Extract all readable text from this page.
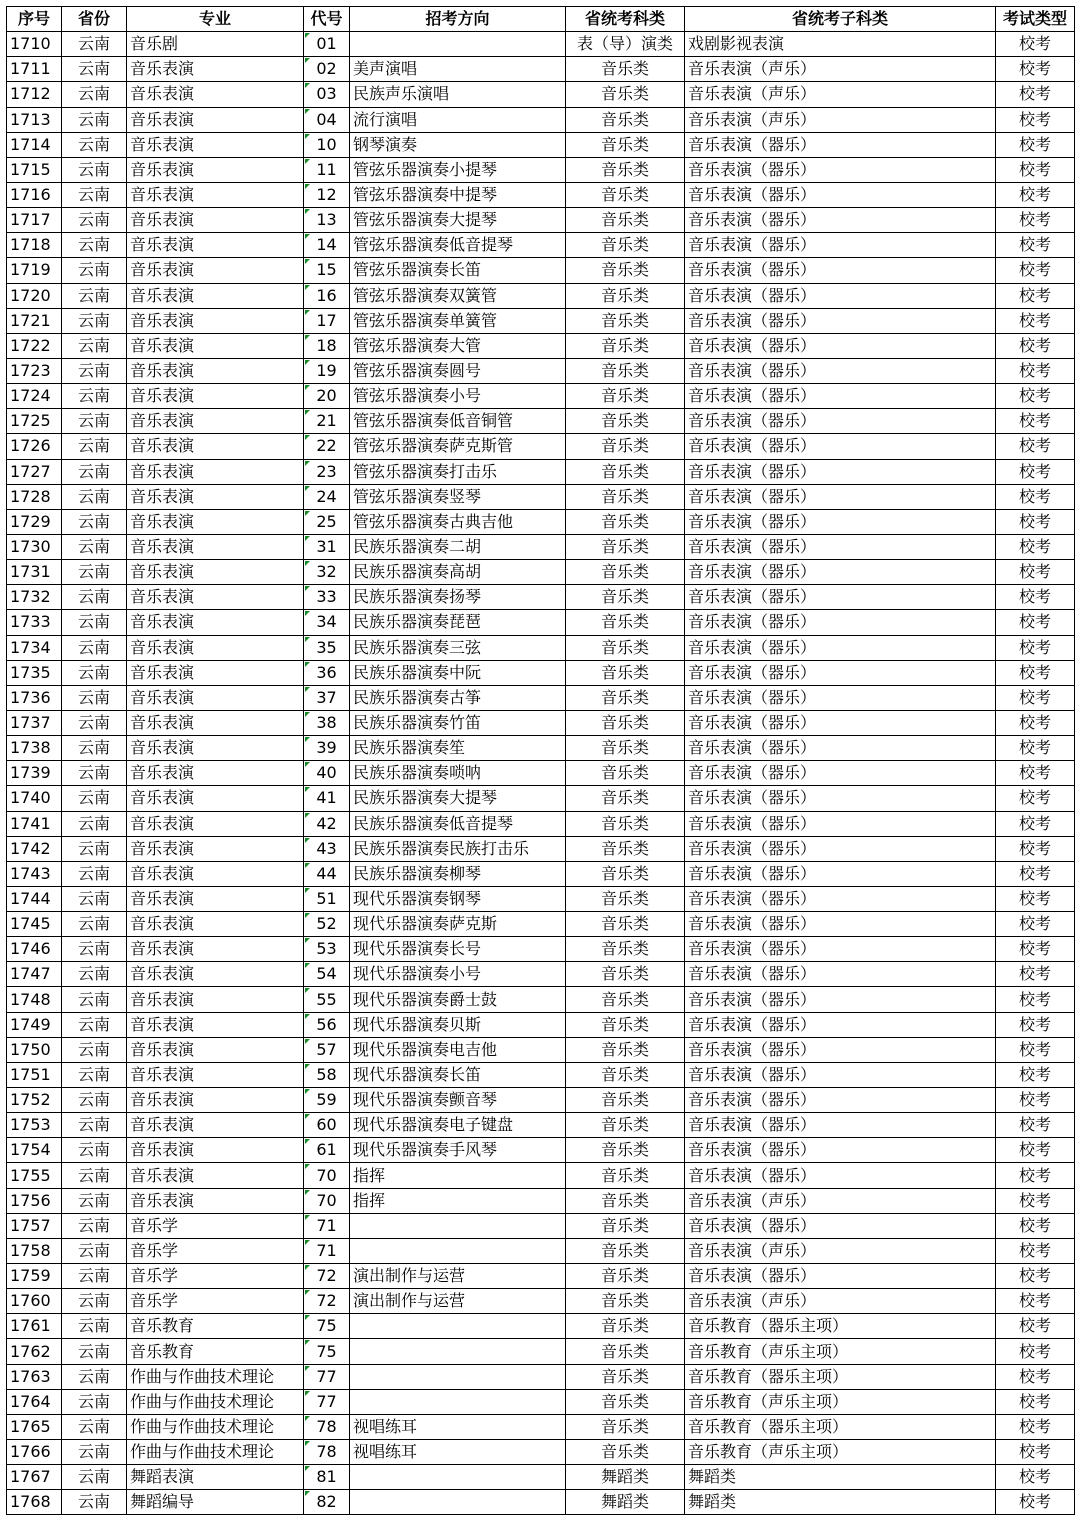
序号	省份	专业	代号	招考方向	省统考科类	省统考子科类	考试类型
1710	云南	音乐剧	01		表（导）演类	戏剧影视表演	校考
1711	云南	音乐表演	02	美声演唱	音乐类	音乐表演（声乐）	校考
1712	云南	音乐表演	03	民族声乐演唱	音乐类	音乐表演（声乐）	校考
1713	云南	音乐表演	04	流行演唱	音乐类	音乐表演（声乐）	校考
1714	云南	音乐表演	10	钢琴演奏	音乐类	音乐表演（器乐）	校考
1715	云南	音乐表演	11	管弦乐器演奏小提琴	音乐类	音乐表演（器乐）	校考
1716	云南	音乐表演	12	管弦乐器演奏中提琴	音乐类	音乐表演（器乐）	校考
1717	云南	音乐表演	13	管弦乐器演奏大提琴	音乐类	音乐表演（器乐）	校考
1718	云南	音乐表演	14	管弦乐器演奏低音提琴	音乐类	音乐表演（器乐）	校考
1719	云南	音乐表演	15	管弦乐器演奏长笛	音乐类	音乐表演（器乐）	校考
1720	云南	音乐表演	16	管弦乐器演奏双簧管	音乐类	音乐表演（器乐）	校考
1721	云南	音乐表演	17	管弦乐器演奏单簧管	音乐类	音乐表演（器乐）	校考
1722	云南	音乐表演	18	管弦乐器演奏大管	音乐类	音乐表演（器乐）	校考
1723	云南	音乐表演	19	管弦乐器演奏圆号	音乐类	音乐表演（器乐）	校考
1724	云南	音乐表演	20	管弦乐器演奏小号	音乐类	音乐表演（器乐）	校考
1725	云南	音乐表演	21	管弦乐器演奏低音铜管	音乐类	音乐表演（器乐）	校考
1726	云南	音乐表演	22	管弦乐器演奏萨克斯管	音乐类	音乐表演（器乐）	校考
1727	云南	音乐表演	23	管弦乐器演奏打击乐	音乐类	音乐表演（器乐）	校考
1728	云南	音乐表演	24	管弦乐器演奏竖琴	音乐类	音乐表演（器乐）	校考
1729	云南	音乐表演	25	管弦乐器演奏古典吉他	音乐类	音乐表演（器乐）	校考
1730	云南	音乐表演	31	民族乐器演奏二胡	音乐类	音乐表演（器乐）	校考
1731	云南	音乐表演	32	民族乐器演奏高胡	音乐类	音乐表演（器乐）	校考
1732	云南	音乐表演	33	民族乐器演奏扬琴	音乐类	音乐表演（器乐）	校考
1733	云南	音乐表演	34	民族乐器演奏琵琶	音乐类	音乐表演（器乐）	校考
1734	云南	音乐表演	35	民族乐器演奏三弦	音乐类	音乐表演（器乐）	校考
1735	云南	音乐表演	36	民族乐器演奏中阮	音乐类	音乐表演（器乐）	校考
1736	云南	音乐表演	37	民族乐器演奏古筝	音乐类	音乐表演（器乐）	校考
1737	云南	音乐表演	38	民族乐器演奏竹笛	音乐类	音乐表演（器乐）	校考
1738	云南	音乐表演	39	民族乐器演奏笙	音乐类	音乐表演（器乐）	校考
1739	云南	音乐表演	40	民族乐器演奏唢呐	音乐类	音乐表演（器乐）	校考
1740	云南	音乐表演	41	民族乐器演奏大提琴	音乐类	音乐表演（器乐）	校考
1741	云南	音乐表演	42	民族乐器演奏低音提琴	音乐类	音乐表演（器乐）	校考
1742	云南	音乐表演	43	民族乐器演奏民族打击乐	音乐类	音乐表演（器乐）	校考
1743	云南	音乐表演	44	民族乐器演奏柳琴	音乐类	音乐表演（器乐）	校考
1744	云南	音乐表演	51	现代乐器演奏钢琴	音乐类	音乐表演（器乐）	校考
1745	云南	音乐表演	52	现代乐器演奏萨克斯	音乐类	音乐表演（器乐）	校考
1746	云南	音乐表演	53	现代乐器演奏长号	音乐类	音乐表演（器乐）	校考
1747	云南	音乐表演	54	现代乐器演奏小号	音乐类	音乐表演（器乐）	校考
1748	云南	音乐表演	55	现代乐器演奏爵士鼓	音乐类	音乐表演（器乐）	校考
1749	云南	音乐表演	56	现代乐器演奏贝斯	音乐类	音乐表演（器乐）	校考
1750	云南	音乐表演	57	现代乐器演奏电吉他	音乐类	音乐表演（器乐）	校考
1751	云南	音乐表演	58	现代乐器演奏长笛	音乐类	音乐表演（器乐）	校考
1752	云南	音乐表演	59	现代乐器演奏颤音琴	音乐类	音乐表演（器乐）	校考
1753	云南	音乐表演	60	现代乐器演奏电子键盘	音乐类	音乐表演（器乐）	校考
1754	云南	音乐表演	61	现代乐器演奏手风琴	音乐类	音乐表演（器乐）	校考
1755	云南	音乐表演	70	指挥	音乐类	音乐表演（器乐）	校考
1756	云南	音乐表演	70	指挥	音乐类	音乐表演（声乐）	校考
1757	云南	音乐学	71		音乐类	音乐表演（器乐）	校考
1758	云南	音乐学	71		音乐类	音乐表演（声乐）	校考
1759	云南	音乐学	72	演出制作与运营	音乐类	音乐表演（器乐）	校考
1760	云南	音乐学	72	演出制作与运营	音乐类	音乐表演（声乐）	校考
1761	云南	音乐教育	75		音乐类	音乐教育（器乐主项）	校考
1762	云南	音乐教育	75		音乐类	音乐教育（声乐主项）	校考
1763	云南	作曲与作曲技术理论	77		音乐类	音乐教育（器乐主项）	校考
1764	云南	作曲与作曲技术理论	77		音乐类	音乐教育（声乐主项）	校考
1765	云南	作曲与作曲技术理论	78	视唱练耳	音乐类	音乐教育（器乐主项）	校考
1766	云南	作曲与作曲技术理论	78	视唱练耳	音乐类	音乐教育（声乐主项）	校考
1767	云南	舞蹈表演	81		舞蹈类	舞蹈类	校考
1768	云南	舞蹈编导	82		舞蹈类	舞蹈类	校考
